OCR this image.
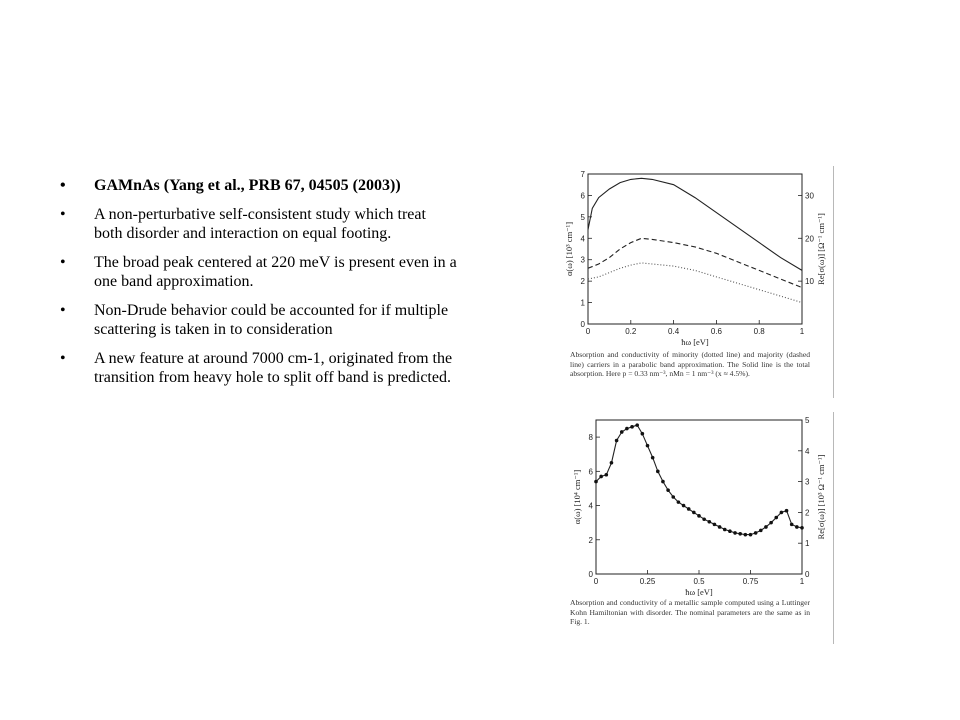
• GAMnAs (Yang et al., PRB 67, 04505 (2003))
• A non-perturbative self-consistent study which treat both disorder and interaction on equal footing.
• The broad peak centered at 220 meV is present even in a one band approximation.
• Non-Drude behavior could be accounted for if multiple scattering is taken in to consideration
• A new feature at around 7000 cm-1, originated from the transition from heavy hole to split off band is predicted.
0	0.2	0.4	0.6	0.8	1
0
1
2
3
4
5
6
7
10
20
30
ħω [eV]
α(ω) [10³ cm⁻¹]	Re[σ(ω)] [Ω⁻¹ cm⁻¹]
Absorption and conductivity of minority (dotted line) and majority (dashed line) carriers in a parabolic band approximation. The Solid line is the total absorption. Here p = 0.33 nm⁻³, nMn = 1 nm⁻³ (x ≈ 4.5%).
0	0.25	0.5	0.75	1
0
2
4
6
8
0
1
2
3
4
5
ħω [eV]
α(ω) [10⁴ cm⁻¹]	Re[σ(ω)] [10³ Ω⁻¹ cm⁻¹]
Absorption and conductivity of a metallic sample computed using a Luttinger Kohn Hamiltonian with disorder. The nominal parameters are the same as in Fig. 1.
